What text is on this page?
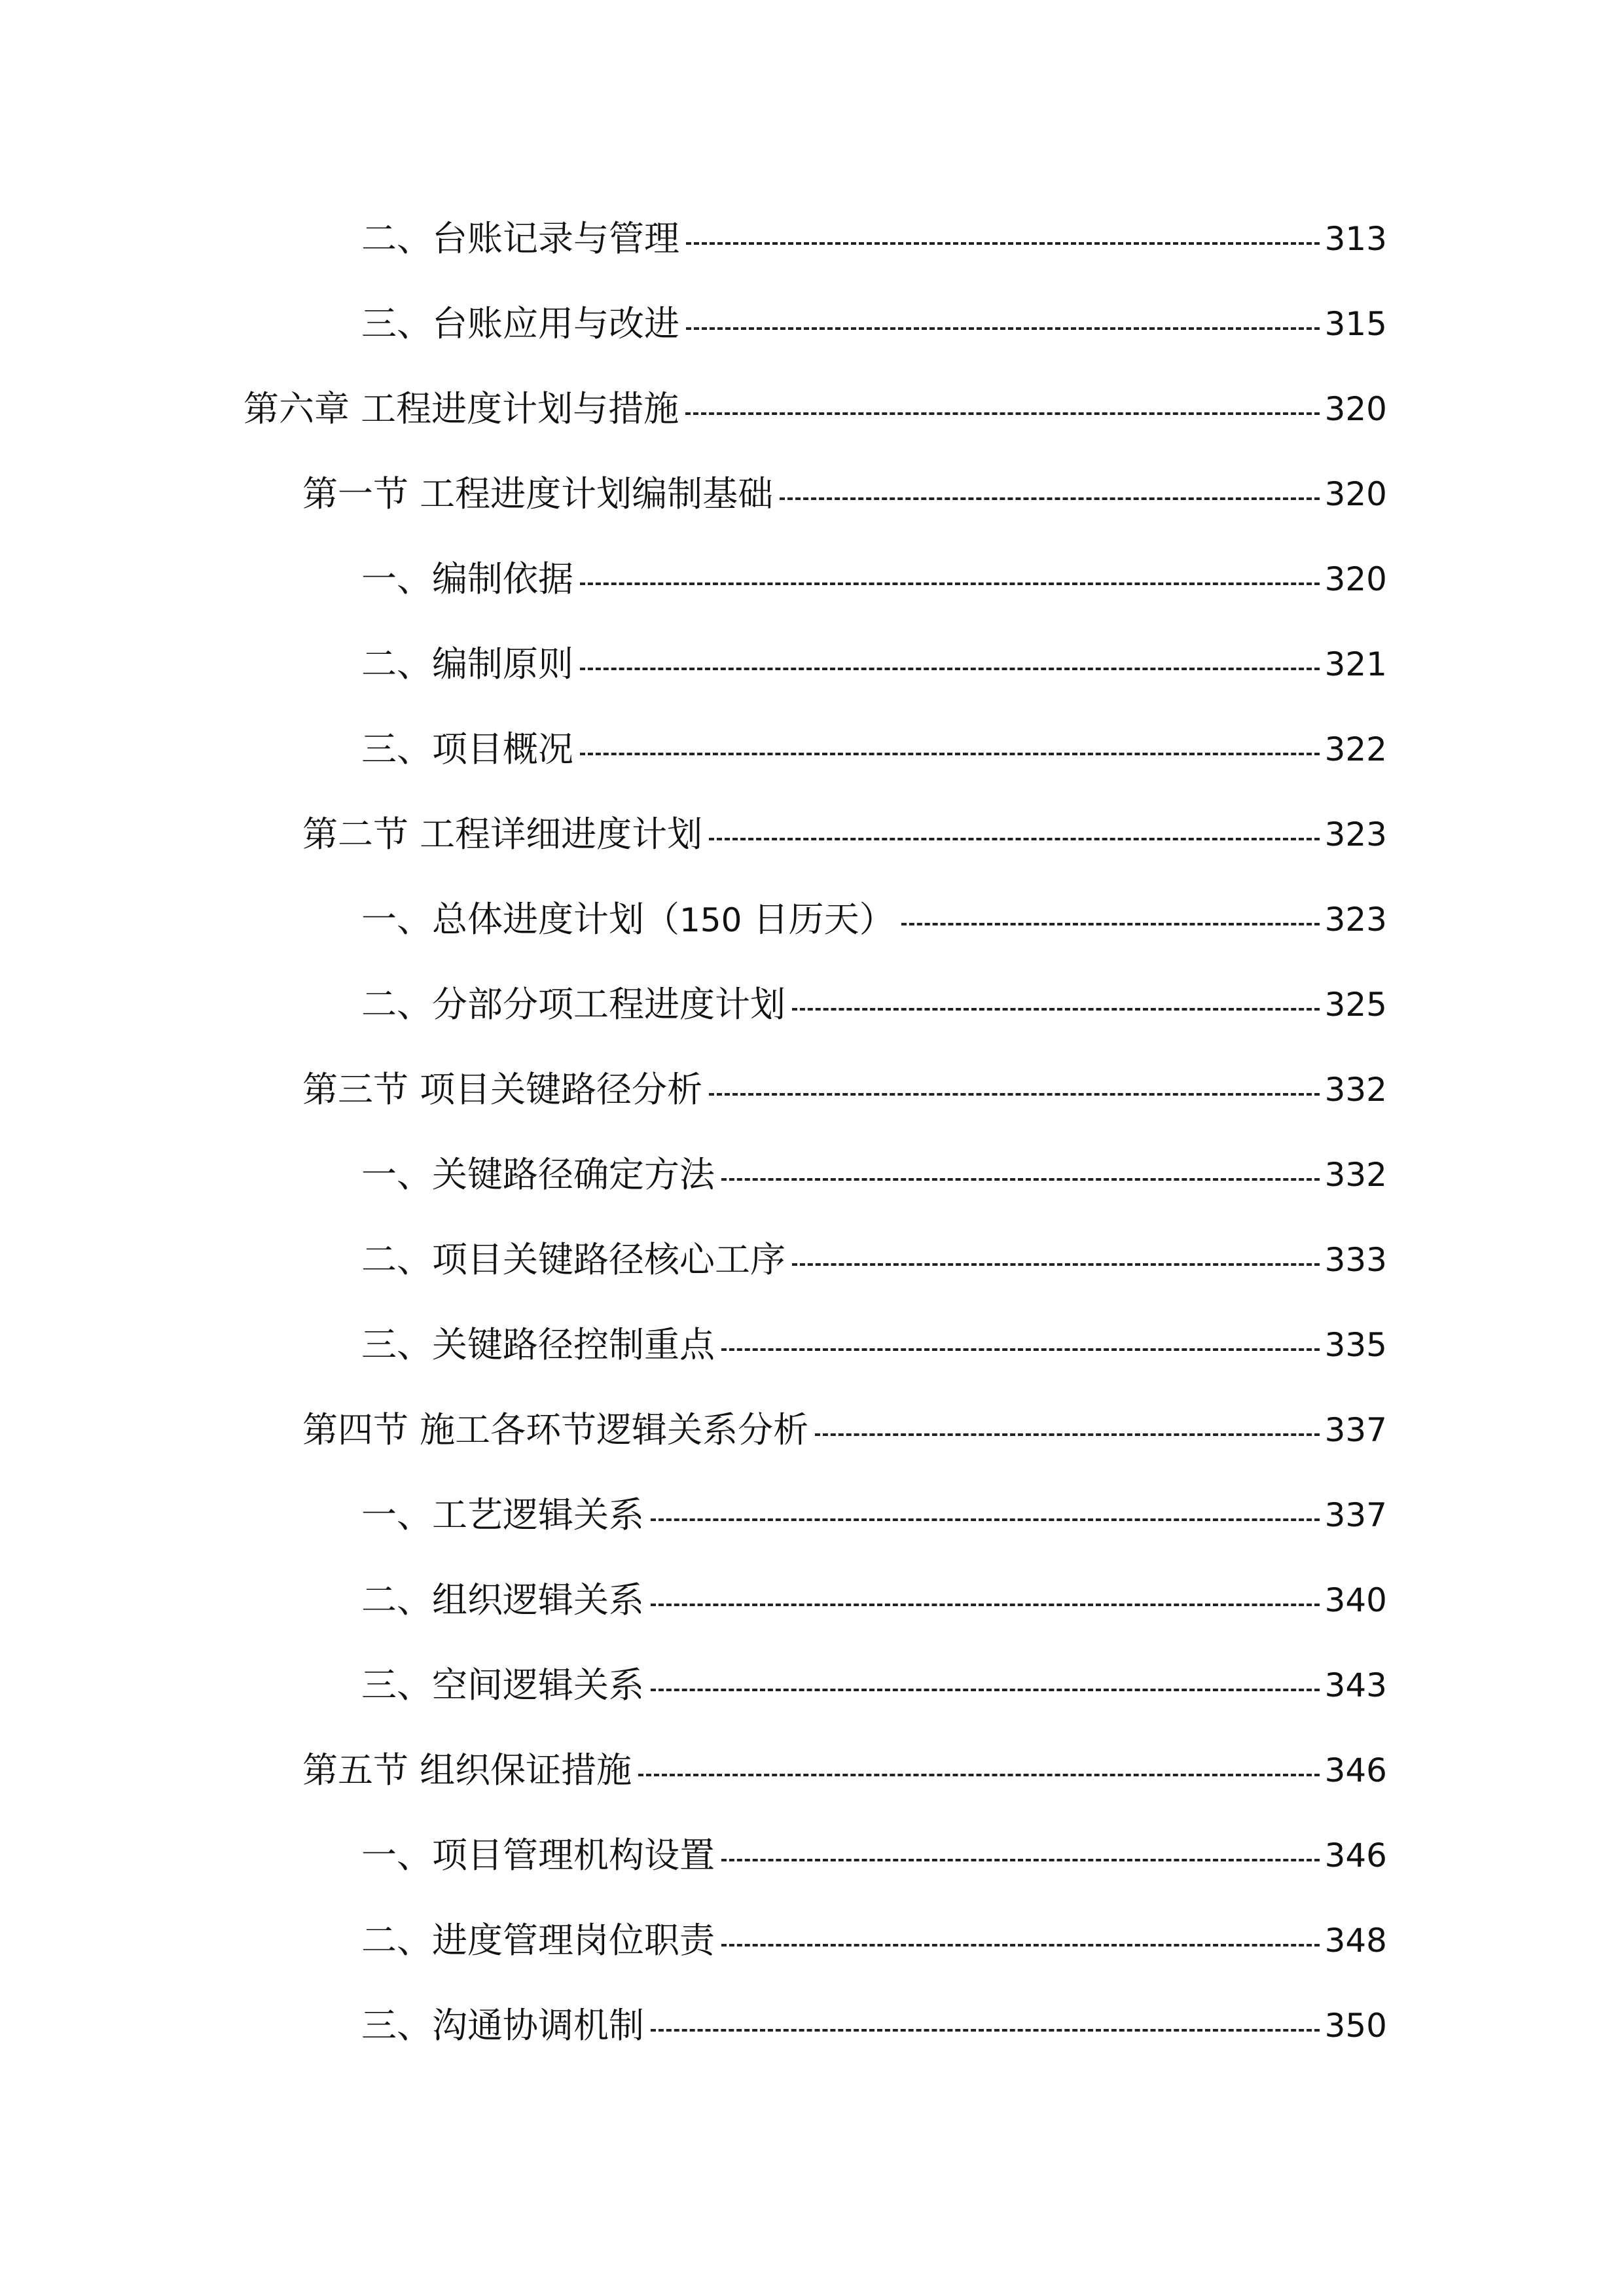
二、台账记录与管理	313
三、台账应用与改进	315
第六章 工程进度计划与措施	320
第一节 工程进度计划编制基础	320
一、编制依据	320
二、编制原则	321
三、项目概况	322
第二节 工程详细进度计划	323
一、总体进度计划（150 日历天）	323
二、分部分项工程进度计划	325
第三节 项目关键路径分析	332
一、关键路径确定方法	332
二、项目关键路径核心工序	333
三、关键路径控制重点	335
第四节 施工各环节逻辑关系分析	337
一、工艺逻辑关系	337
二、组织逻辑关系	340
三、空间逻辑关系	343
第五节 组织保证措施	346
一、项目管理机构设置	346
二、进度管理岗位职责	348
三、沟通协调机制	350
